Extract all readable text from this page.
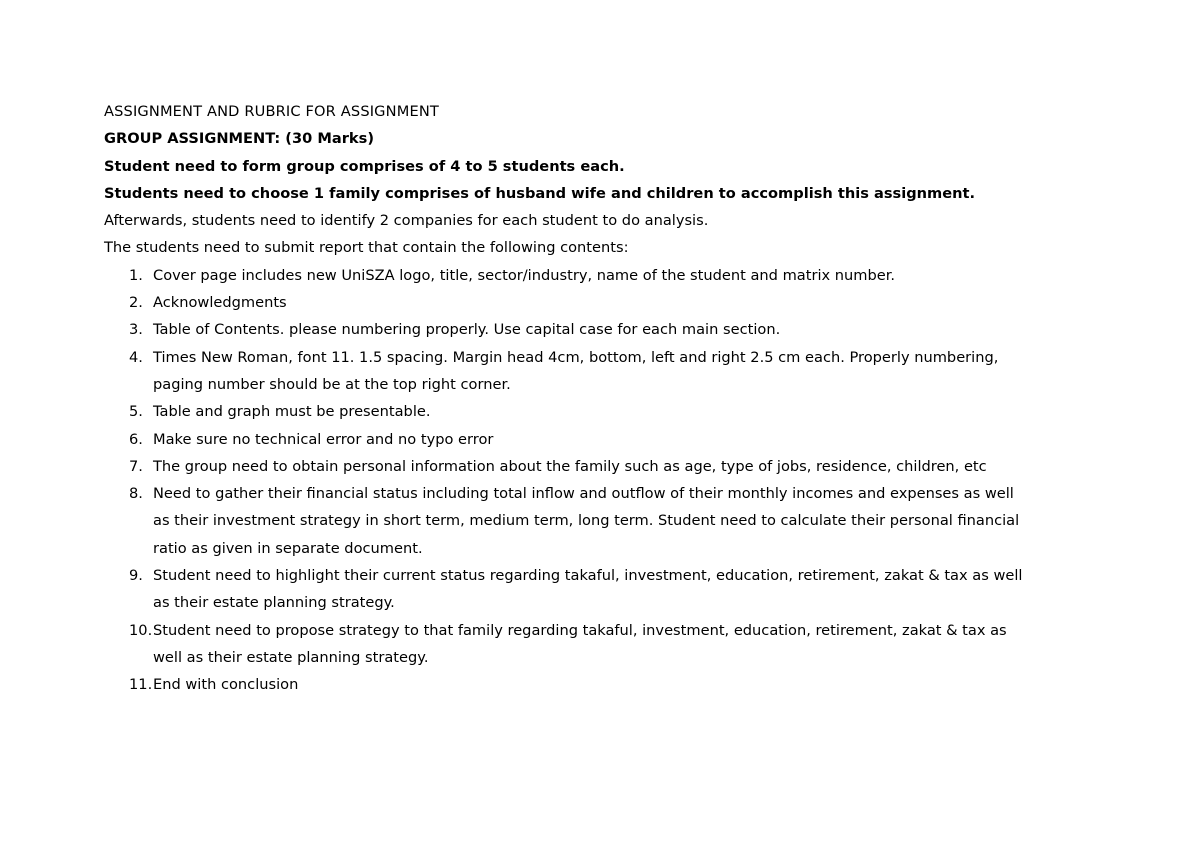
ASSIGNMENT AND RUBRIC FOR ASSIGNMENT

GROUP ASSIGNMENT: (30 Marks)

Student need to form group comprises of 4 to 5 students each.

Students need to choose 1 family comprises of husband wife and children to accomplish this assignment.

Afterwards, students need to identify 2 companies for each student to do analysis.

The students need to submit report that contain the following contents:

1. Cover page includes new UniSZA logo, title, sector/industry, name of the student and matrix number.
2. Acknowledgments
3. Table of Contents. please numbering properly. Use capital case for each main section.
4. Times New Roman, font 11. 1.5 spacing. Margin head 4cm, bottom, left and right 2.5 cm each. Properly numbering,
paging number should be at the top right corner.
5. Table and graph must be presentable.
6. Make sure no technical error and no typo error
7. The group need to obtain personal information about the family such as age, type of jobs, residence, children, etc
8. Need to gather their financial status including total inflow and outflow of their monthly incomes and expenses as well
as their investment strategy in short term, medium term, long term. Student need to calculate their personal financial
ratio as given in separate document.
9. Student need to highlight their current status regarding takaful, investment, education, retirement, zakat & tax as well
as their estate planning strategy.
10. Student need to propose strategy to that family regarding takaful, investment, education, retirement, zakat & tax as
well as their estate planning strategy.
11. End with conclusion
